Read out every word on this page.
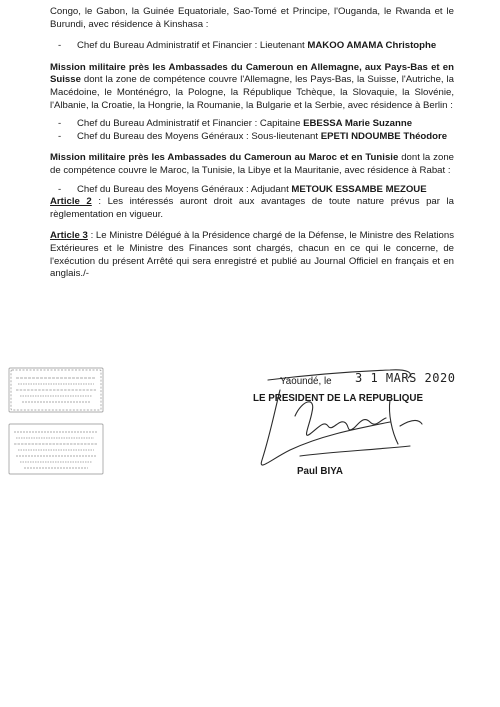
Congo, le Gabon, la Guinée Equatoriale, Sao-Tomé et Principe, l'Ouganda, le Rwanda et le Burundi, avec résidence à Kinshasa :

- Chef du Bureau Administratif et Financier : Lieutenant MAKOO AMAMA Christophe

Mission militaire près les Ambassades du Cameroun en Allemagne, aux Pays-Bas et en Suisse dont la zone de compétence couvre l'Allemagne, les Pays-Bas, la Suisse, l'Autriche, la Macédoine, le Monténégro, la Pologne, la République Tchèque, la Slovaquie, la Slovénie, l'Albanie, la Croatie, la Hongrie, la Roumanie, la Bulgarie et la Serbie, avec résidence à Berlin :

- Chef du Bureau Administratif et Financier : Capitaine EBESSA Marie Suzanne

- Chef du Bureau des Moyens Généraux : Sous-lieutenant EPETI NDOUMBE Théodore

Mission militaire près les Ambassades du Cameroun au Maroc et en Tunisie dont la zone de compétence couvre le Maroc, la Tunisie, la Libye et la Mauritanie, avec résidence à Rabat :

- Chef du Bureau des Moyens Généraux : Adjudant METOUK ESSAMBE MEZOUE

Article 2 : Les intéressés auront droit aux avantages de toute nature prévus par la règlementation en vigueur.

Article 3 : Le Ministre Délégué à la Présidence chargé de la Défense, le Ministre des Relations Extérieures et le Ministre des Finances sont chargés, chacun en ce qui le concerne, de l'exécution du présent Arrêté qui sera enregistré et publié au Journal Officiel en français et en anglais./-

Yaoundé, le 3 1 MARS 2020
LE PRESIDENT DE LA REPUBLIQUE
Paul BIYA
